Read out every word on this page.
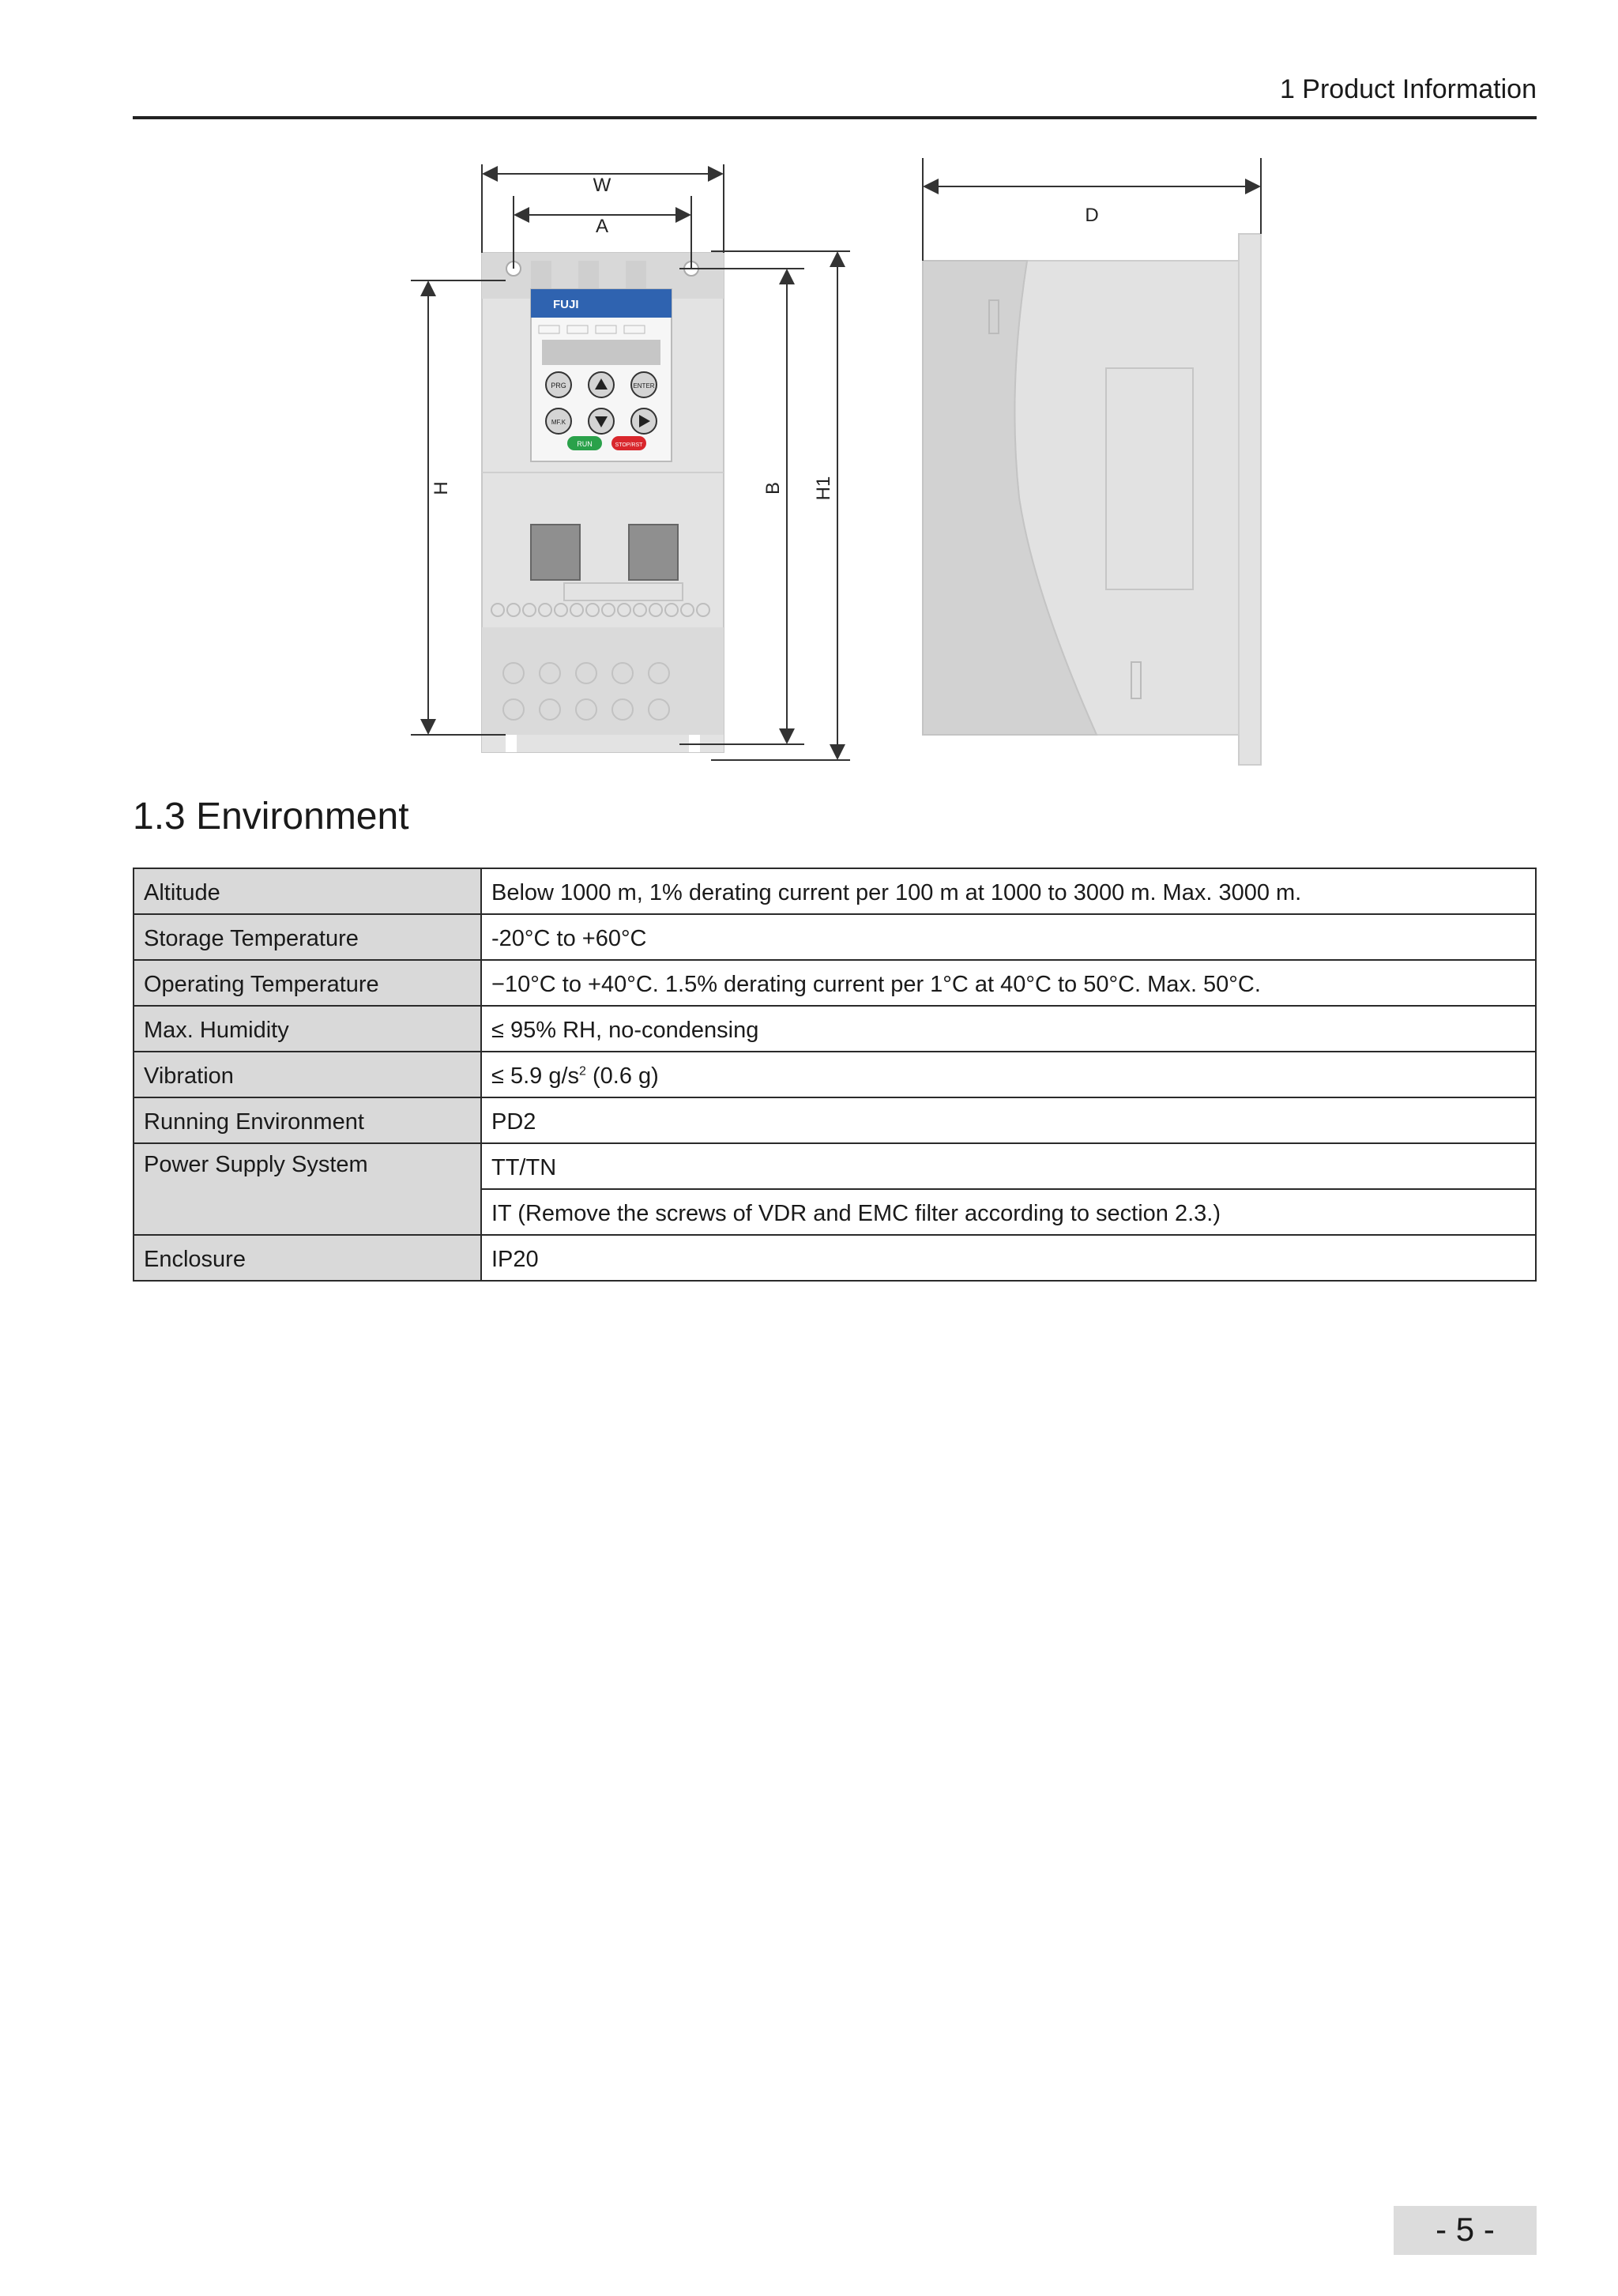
1 Product Information
FUJI
PRG	ENTER
MF.K
RUN	STOP/RST
W
A
H	B H1
D
1.3 Environment
Altitude	Below 1000 m, 1% derating current per 100 m at 1000 to 3000 m. Max. 3000 m.
Storage Temperature	-20°C to +60°C
Operating Temperature	−10°C to +40°C. 1.5% derating current per 1°C at 40°C to 50°C. Max. 50°C.
Max. Humidity	≤ 95% RH, no-condensing
Vibration	≤ 5.9 $g/s^2$ (0.6 g)
Running Environment	PD2
Power Supply System	TT/TN
	IT (Remove the screws of VDR and EMC filter according to section 2.3.)
Enclosure	IP20
- 5 -
